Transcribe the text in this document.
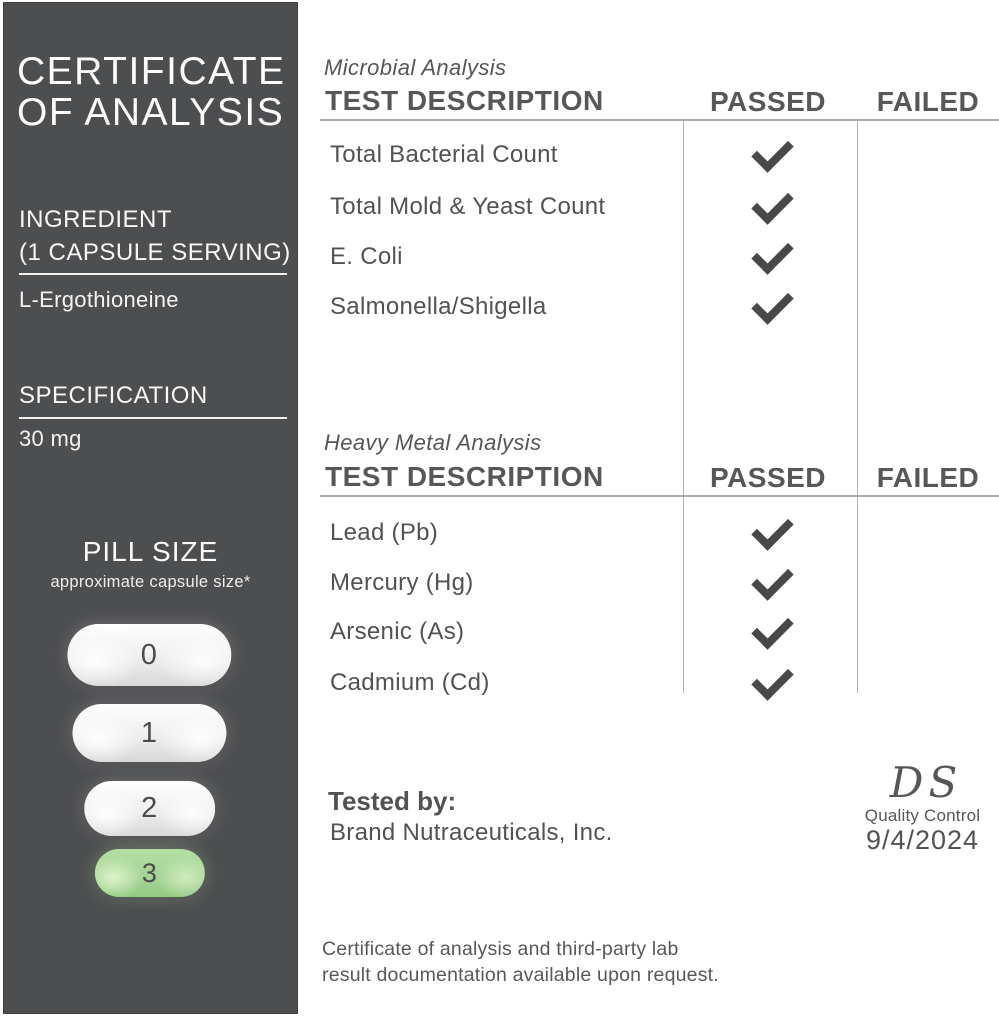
CERTIFICATE
OF ANALYSIS
INGREDIENT
(1 CAPSULE SERVING)
L-Ergothioneine
SPECIFICATION
30 mg
PILL SIZE
approximate capsule size*
0
1
2
3
Microbial Analysis
TEST DESCRIPTION	PASSED FAILED
Total Bacterial Count
Total Mold & Yeast Count
E. Coli
Salmonella/Shigella
Heavy Metal Analysis
TEST DESCRIPTION	PASSED FAILED
Lead (Pb)
Mercury (Hg)
Arsenic (As)
Cadmium (Cd)
Tested by:
Brand Nutraceuticals, Inc.
DS
Quality Control
9/4/2024
Certificate of analysis and third-party lab
result documentation available upon request.
